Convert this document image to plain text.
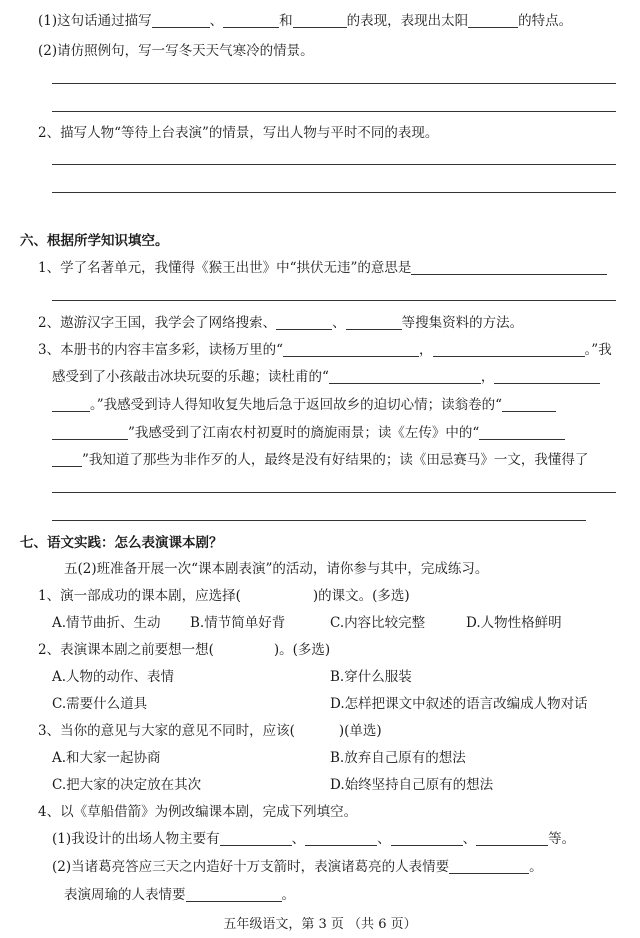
(1)这句话通过描写	、	和	的表现，表现出太阳	的特点。
(2)请仿照例句，写一写冬天天气寒冷的情景。
2、描写人物“等待上台表演”的情景，写出人物与平时不同的表现。
六、根据所学知识填空。
1、学了名著单元，我懂得《猴王出世》中“拱伏无违”的意思是
2、遨游汉字王国，我学会了网络搜索、	、	等搜集资料的方法。
3、本册书的内容丰富多彩，读杨万里的“	，	。”我
感受到了小孩敲击冰块玩耍的乐趣；读杜甫的“	，
。”我感受到诗人得知收复失地后急于返回故乡的迫切心情；读翁卷的“
”我感受到了江南农村初夏时的旖旎雨景；读《左传》中的“
”我知道了那些为非作歹的人，最终是没有好结果的；读《田忌赛马》一文，我懂得了
七、语文实践：怎么表演课本剧？
五(2)班准备开展一次“课本剧表演”的活动，请你参与其中，完成练习。
1、演一部成功的课本剧，应选择(	)的课文。(多选)
A.情节曲折、生动 B.情节简单好背	C.内容比较完整	D.人物性格鲜明
2、表演课本剧之前要想一想(	)。(多选)
A.人物的动作、表情	B.穿什么服装
C.需要什么道具	D.怎样把课文中叙述的语言改编成人物对话
3、当你的意见与大家的意见不同时，应该(	)(单选)
A.和大家一起协商	B.放弃自己原有的想法
C.把大家的决定放在其次	D.始终坚持自己原有的想法
4、以《草船借箭》为例改编课本剧，完成下列填空。
(1)我设计的出场人物主要有	、	、	、	等。
(2)当诸葛亮答应三天之内造好十万支箭时，表演诸葛亮的人表情要	。
表演周瑜的人表情要	。
五年级语文，第 3 页 （共 6 页）
